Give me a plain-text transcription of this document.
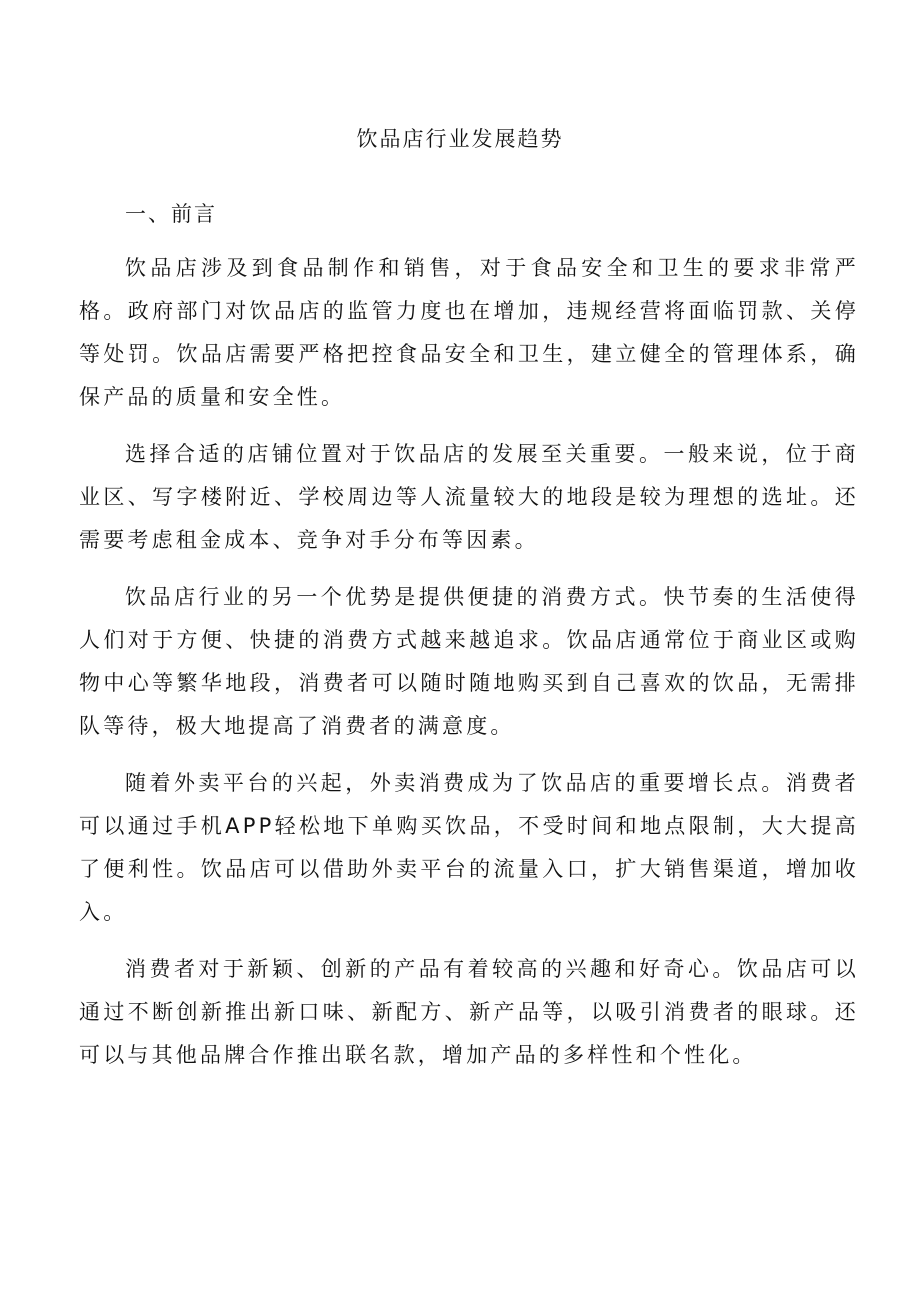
饮品店行业发展趋势
一、前言

饮品店涉及到食品制作和销售，对于食品安全和卫生的要求非常严格。政府部门对饮品店的监管力度也在增加，违规经营将面临罚款、关停等处罚。饮品店需要严格把控食品安全和卫生，建立健全的管理体系，确保产品的质量和安全性。

选择合适的店铺位置对于饮品店的发展至关重要。一般来说，位于商业区、写字楼附近、学校周边等人流量较大的地段是较为理想的选址。还需要考虑租金成本、竞争对手分布等因素。

饮品店行业的另一个优势是提供便捷的消费方式。快节奏的生活使得人们对于方便、快捷的消费方式越来越追求。饮品店通常位于商业区或购物中心等繁华地段，消费者可以随时随地购买到自己喜欢的饮品，无需排队等待，极大地提高了消费者的满意度。

随着外卖平台的兴起，外卖消费成为了饮品店的重要增长点。消费者可以通过手机APP轻松地下单购买饮品，不受时间和地点限制，大大提高了便利性。饮品店可以借助外卖平台的流量入口，扩大销售渠道，增加收入。

消费者对于新颖、创新的产品有着较高的兴趣和好奇心。饮品店可以通过不断创新推出新口味、新配方、新产品等，以吸引消费者的眼球。还可以与其他品牌合作推出联名款，增加产品的多样性和个性化。
